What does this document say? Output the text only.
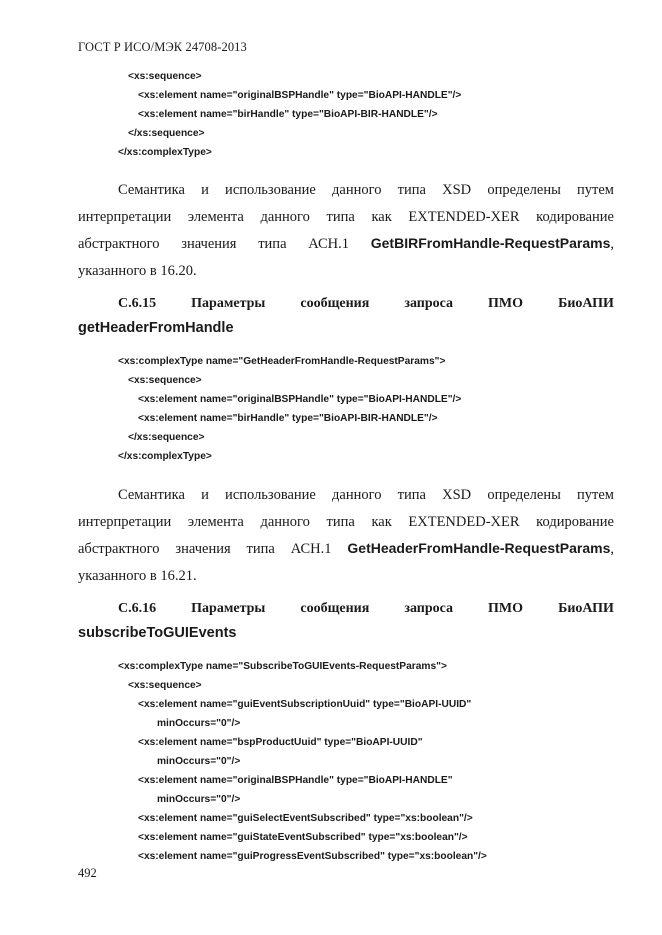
ГОСТ Р ИСО/МЭК 24708-2013
<xs:sequence>
<xs:element name="originalBSPHandle" type="BioAPI-HANDLE"/>
<xs:element name="birHandle" type="BioAPI-BIR-HANDLE"/>
</xs:sequence>
</xs:complexType>
Семантика и использование данного типа XSD определены путем
интерпретации элемента данного типа как EXTENDED-XER кодирование
абстрактного значения типа АСН.1 GetBIRFromHandle-RequestParams,
указанного в 16.20.
С.6.15	Параметры	сообщения	запроса	ПМО	БиоАПИ
getHeaderFromHandle
<xs:complexType name="GetHeaderFromHandle-RequestParams">
<xs:sequence>
<xs:element name="originalBSPHandle" type="BioAPI-HANDLE"/>
<xs:element name="birHandle" type="BioAPI-BIR-HANDLE"/>
</xs:sequence>
</xs:complexType>
Семантика и использование данного типа XSD определены путем
интерпретации элемента данного типа как EXTENDED-XER кодирование
абстрактного значения типа АСН.1 GetHeaderFromHandle-RequestParams,
указанного в 16.21.
С.6.16	Параметры	сообщения	запроса	ПМО	БиоАПИ
subscribeToGUIEvents
<xs:complexType name="SubscribeToGUIEvents-RequestParams">
<xs:sequence>
<xs:element name="guiEventSubscriptionUuid" type="BioAPI-UUID"
minOccurs="0"/>
<xs:element name="bspProductUuid" type="BioAPI-UUID"
minOccurs="0"/>
<xs:element name="originalBSPHandle" type="BioAPI-HANDLE"
minOccurs="0"/>
<xs:element name="guiSelectEventSubscribed" type="xs:boolean"/>
<xs:element name="guiStateEventSubscribed" type="xs:boolean"/>
<xs:element name="guiProgressEventSubscribed" type="xs:boolean"/>
492
